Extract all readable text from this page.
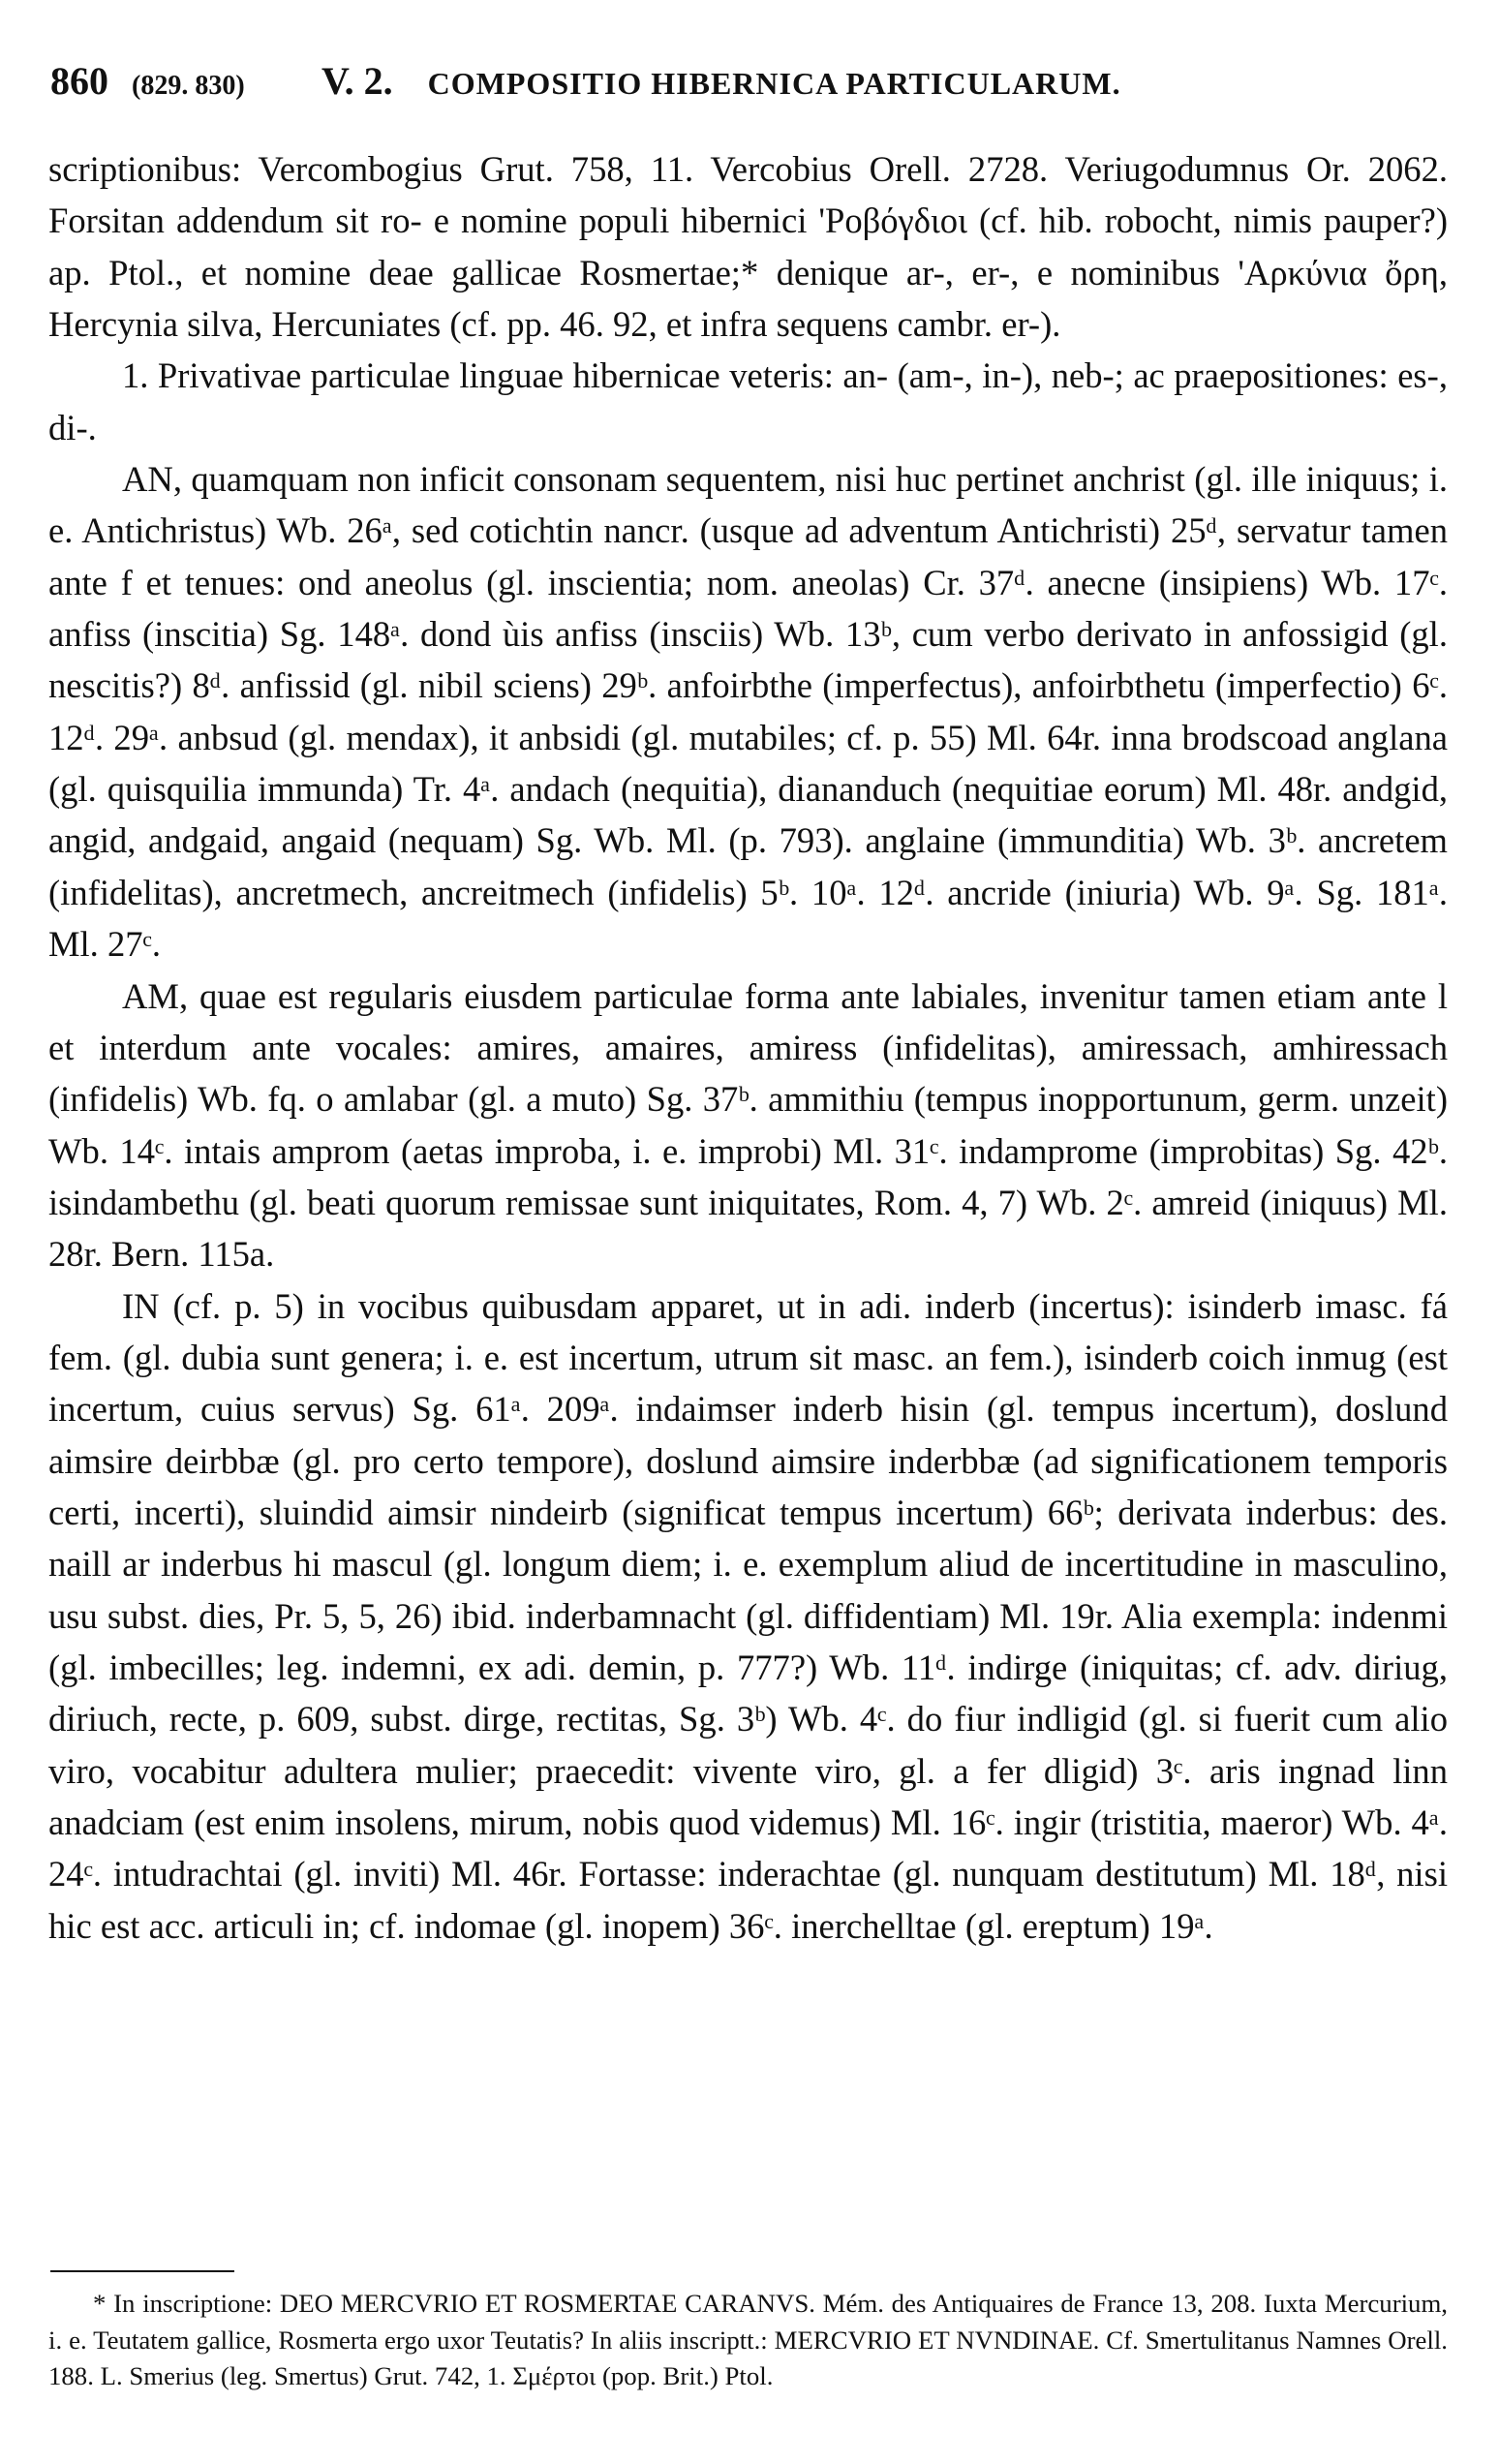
860 (829. 830) V. 2. COMPOSITIO HIBERNICA PARTICULARUM.

scriptionibus: Vercombogius Grut. 758, 11. Vercobius Orell. 2728. Veriugodumnus Or. 2062. Forsitan addendum sit ro- e nomine populi hibernici 'Ροβόγδιοι (cf. hib. robocht, nimis pauper?) ap. Ptol., et nomine deae gallicae Rosmertae;* denique ar-, er-, e nominibus 'Αρκύνια ὄρη, Hercynia silva, Hercuniates (cf. pp. 46. 92, et infra sequens cambr. er-).

1. Privativae particulae linguae hibernicae veteris: an- (am-, in-), neb-; ac praepositiones: es-, di-.

AN, quamquam non inficit consonam sequentem, nisi huc pertinet anchrist (gl. ille iniquus; i. e. Antichristus) Wb. 26ᵃ, sed cotichtin nancr. (usque ad adventum Antichristi) 25ᵈ, servatur tamen ante f et tenues: ond aneolus (gl. inscientia; nom. aneolas) Cr. 37ᵈ. anecne (insipiens) Wb. 17ᶜ. anfiss (inscitia) Sg. 148ᵃ. dond ùis anfiss (insciis) Wb. 13ᵇ, cum verbo derivato in anfossigid (gl. nescitis?) 8ᵈ. anfissid (gl. nibil sciens) 29ᵇ. anfoirbthe (imperfectus), anfoirbthetu (imperfectio) 6ᶜ. 12ᵈ. 29ᵃ. anbsud (gl. mendax), it anbsidi (gl. mutabiles; cf. p. 55) Ml. 64r. inna brodscoad anglana (gl. quisquilia immunda) Tr. 4ᵃ. andach (nequitia), diananduch (nequitiae eorum) Ml. 48r. andgid, angid, andgaid, angaid (nequam) Sg. Wb. Ml. (p. 793). anglaine (immunditia) Wb. 3ᵇ. ancretem (infidelitas), ancretmech, ancreitmech (infidelis) 5ᵇ. 10ᵃ. 12ᵈ. ancride (iniuria) Wb. 9ᵃ. Sg. 181ᵃ. Ml. 27ᶜ.

AM, quae est regularis eiusdem particulae forma ante labiales, invenitur tamen etiam ante l et interdum ante vocales: amires, amaires, amiress (infidelitas), amiressach, amhiressach (infidelis) Wb. fq. o amlabar (gl. a muto) Sg. 37ᵇ. ammithiu (tempus inopportunum, germ. unzeit) Wb. 14ᶜ. intais amprom (aetas improba, i. e. improbi) Ml. 31ᶜ. indamprome (improbitas) Sg. 42ᵇ. isindambethu (gl. beati quorum remissae sunt iniquitates, Rom. 4, 7) Wb. 2ᶜ. amreid (iniquus) Ml. 28r. Bern. 115a.

IN (cf. p. 5) in vocibus quibusdam apparet, ut in adi. inderb (incertus): isinderb imasc. fá fem. (gl. dubia sunt genera; i. e. est incertum, utrum sit masc. an fem.), isinderb coich inmug (est incertum, cuius servus) Sg. 61ᵃ. 209ᵃ. indaimser inderb hisin (gl. tempus incertum), doslund aimsire deirbbæ (gl. pro certo tempore), doslund aimsire inderbbæ (ad significationem temporis certi, incerti), sluindid aimsir nindeirb (significat tempus incertum) 66ᵇ; derivata inderbus: des. naill ar inderbus hi mascul (gl. longum diem; i. e. exemplum aliud de incertitudine in masculino, usu subst. dies, Pr. 5, 5, 26) ibid. inderbamnacht (gl. diffidentiam) Ml. 19r. Alia exempla: indenmi (gl. imbecilles; leg. indemni, ex adi. demin, p. 777?) Wb. 11ᵈ. indirge (iniquitas; cf. adv. diriug, diriuch, recte, p. 609, subst. dirge, rectitas, Sg. 3ᵇ) Wb. 4ᶜ. do fiur indligid (gl. si fuerit cum alio viro, vocabitur adultera mulier; praecedit: vivente viro, gl. a fer dligid) 3ᶜ. aris ingnad linn anadciam (est enim insolens, mirum, nobis quod videmus) Ml. 16ᶜ. ingir (tristitia, maeror) Wb. 4ᵃ. 24ᶜ. intudrachtai (gl. inviti) Ml. 46r. Fortasse: inderachtae (gl. nunquam destitutum) Ml. 18ᵈ, nisi hic est acc. articuli in; cf. indomae (gl. inopem) 36ᶜ. inerchelltae (gl. ereptum) 19ᵃ.

* In inscriptione: DEO MERCVRIO ET ROSMERTAE CARANVS. Mém. des Antiquaires de France 13, 208. Iuxta Mercurium, i. e. Teutatem gallice, Rosmerta ergo uxor Teutatis? In aliis inscriptt.: MERCVRIO ET NVNDINAE. Cf. Smertulitanus Namnes Orell. 188. L. Smerius (leg. Smertus) Grut. 742, 1. Σμέρτοι (pop. Brit.) Ptol.
